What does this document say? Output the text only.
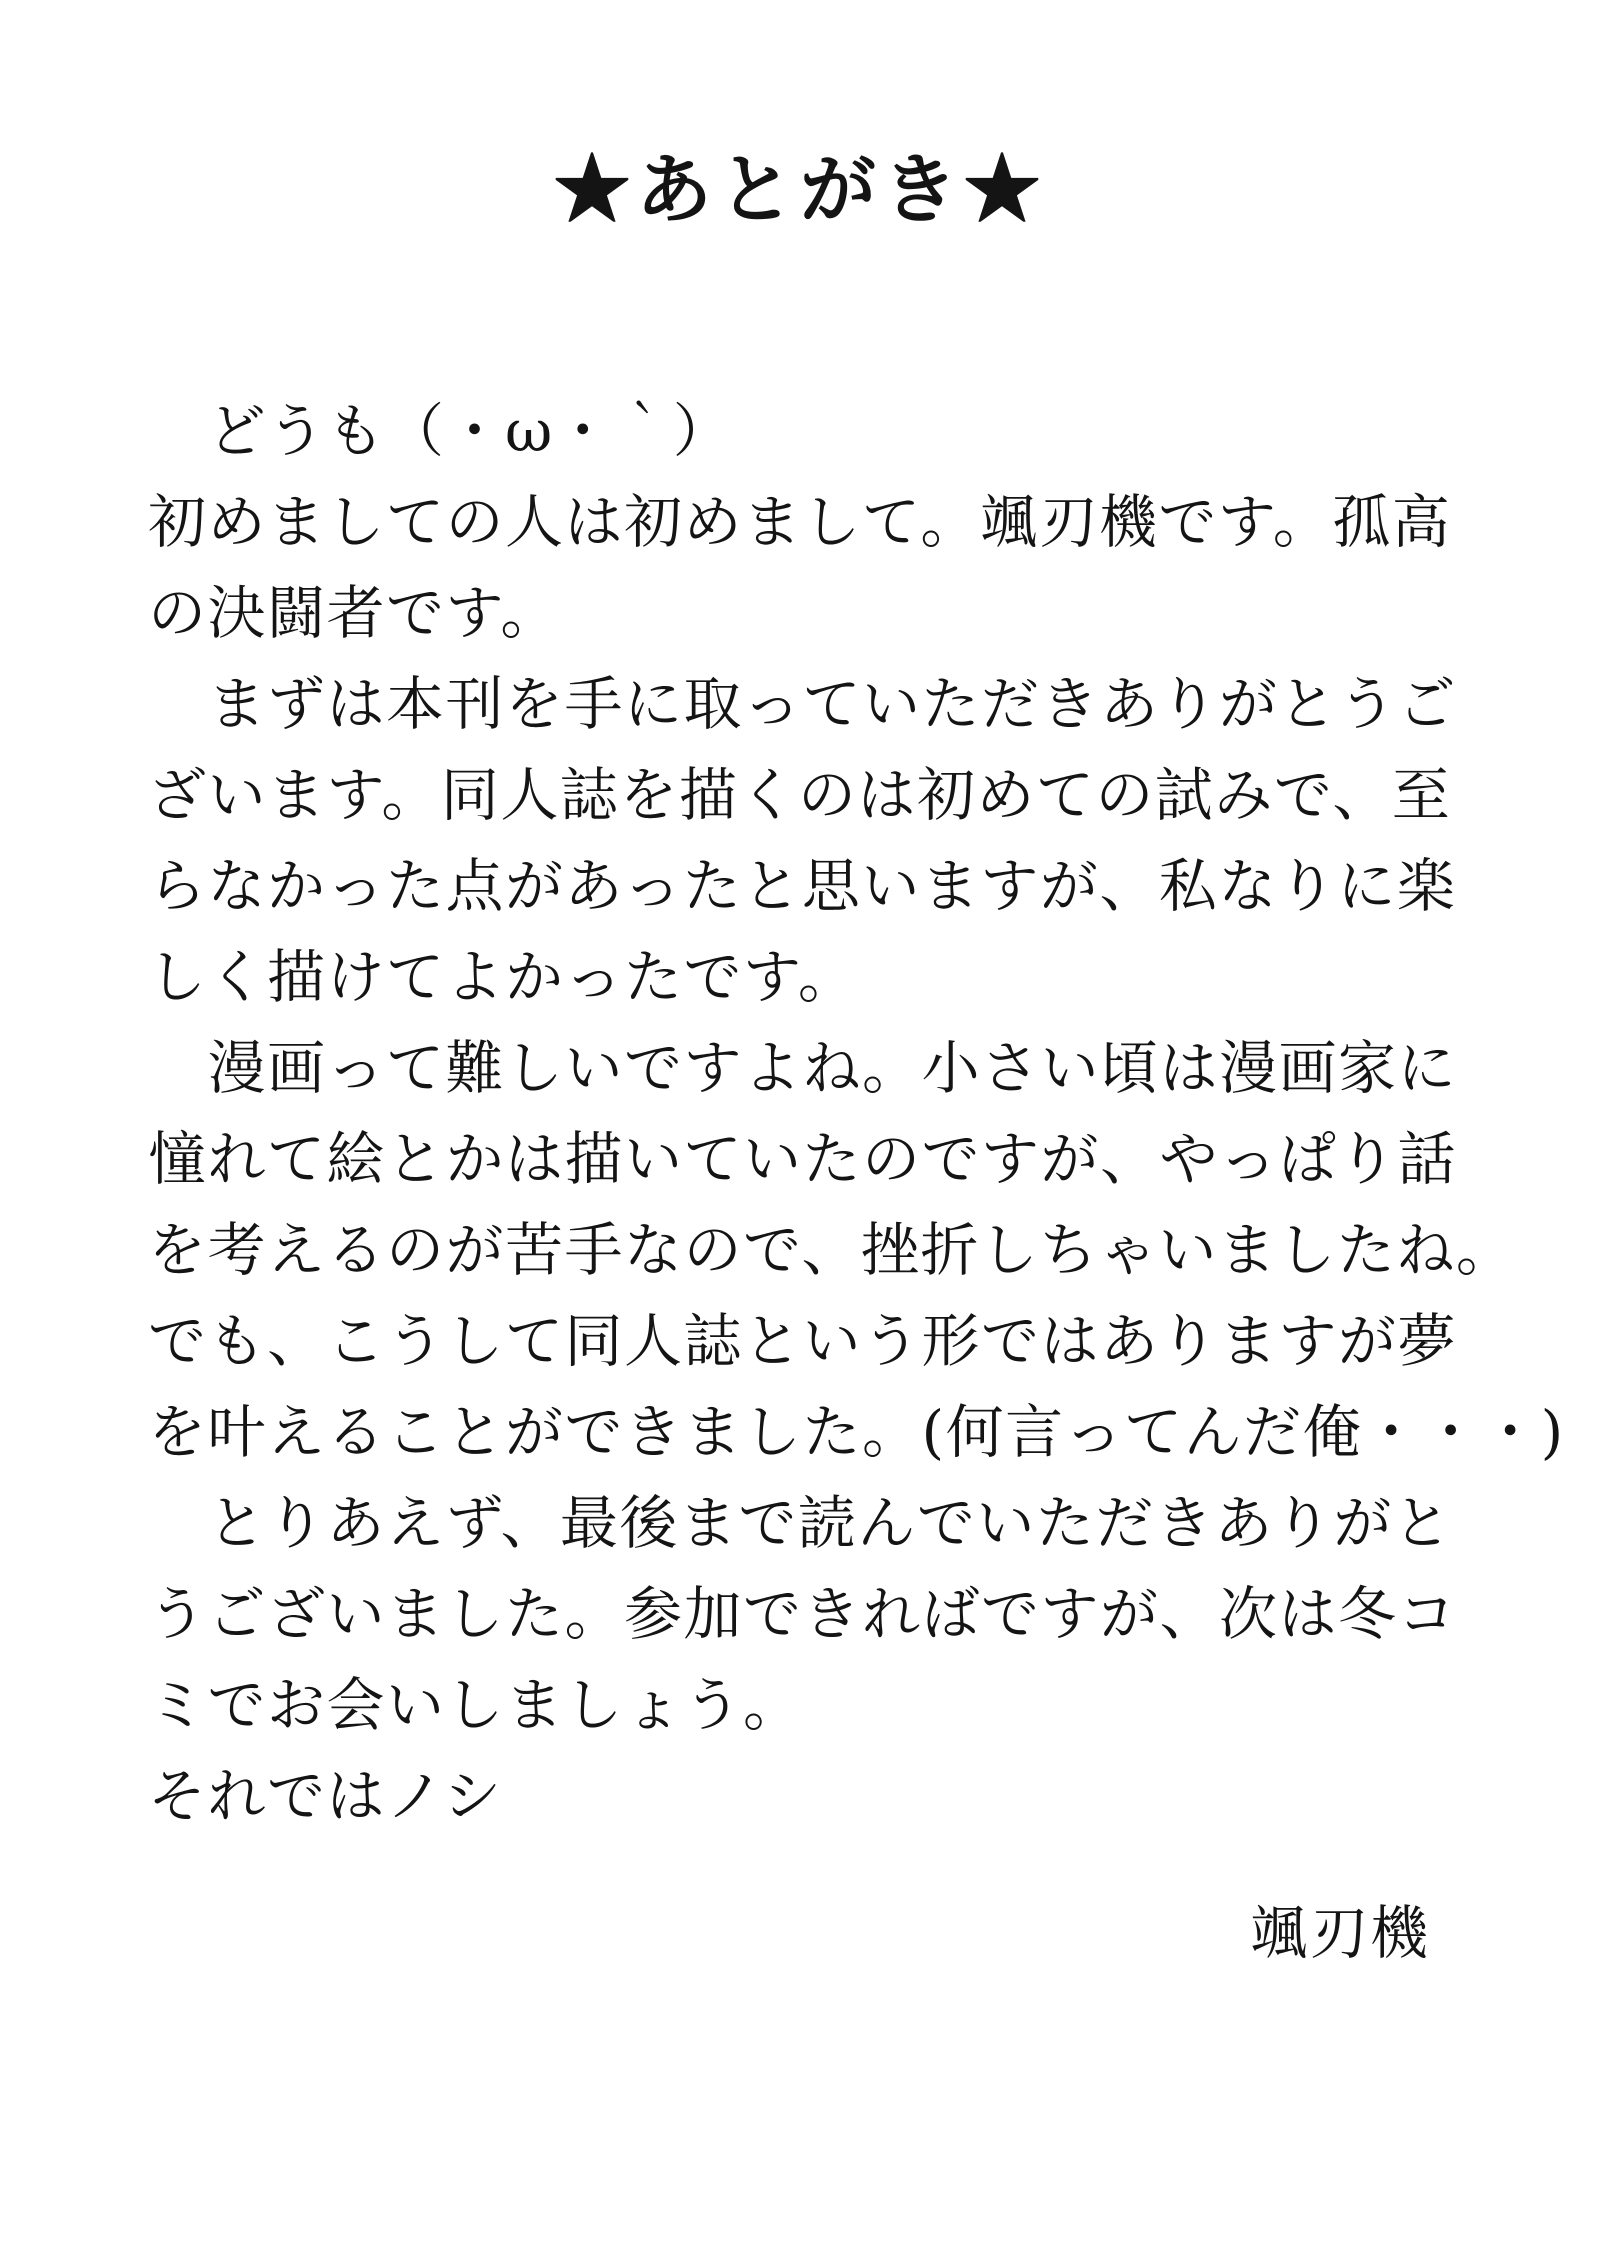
★あとがき★

　どうも（・ω・｀）

初めましての人は初めまして。颯刃機です。孤高

の決闘者です。

　まずは本刊を手に取っていただきありがとうご

ざいます。同人誌を描くのは初めての試みで、至

らなかった点があったと思いますが、私なりに楽

しく描けてよかったです。

　漫画って難しいですよね。小さい頃は漫画家に

憧れて絵とかは描いていたのですが、やっぱり話

を考えるのが苦手なので、挫折しちゃいましたね。

でも、こうして同人誌という形ではありますが夢

を叶えることができました。(何言ってんだ俺・・・)

　とりあえず、最後まで読んでいただきありがと

うございました。参加できればですが、次は冬コ

ミでお会いしましょう。

それではノシ

颯刃機
